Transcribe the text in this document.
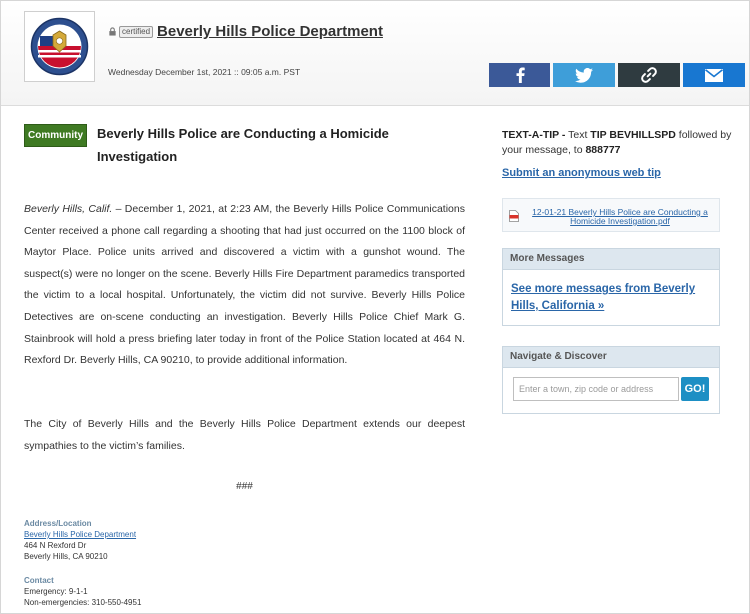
certified Beverly Hills Police Department
Wednesday December 1st, 2021 :: 09:05 a.m. PST
Community	Beverly Hills Police are Conducting a Homicide Investigation

Beverly Hills, Calif. – December 1, 2021, at 2:23 AM, the Beverly Hills Police Communications Center received a phone call regarding a shooting that had just occurred on the 1100 block of Maytor Place. Police units arrived and discovered a victim with a gunshot wound. The suspect(s) were no longer on the scene. Beverly Hills Fire Department paramedics transported the victim to a local hospital. Unfortunately, the victim did not survive. Beverly Hills Police Detectives are on-scene conducting an investigation. Beverly Hills Police Chief Mark G. Stainbrook will hold a press briefing later today in front of the Police Station located at 464 N. Rexford Dr. Beverly Hills, CA 90210, to provide additional information.

The City of Beverly Hills and the Beverly Hills Police Department extends our deepest sympathies to the victim’s families.

###
Address/Location
Beverly Hills Police Department
464 N Rexford Dr
Beverly Hills, CA 90210
Contact
Emergency: 9-1-1
Non-emergencies: 310-550-4951
TEXT-A-TIP - Text TIP BEVHILLSPD followed by your message, to 888777
Submit an anonymous web tip
12-01-21 Beverly Hills Police are Conducting a Homicide Investigation.pdf
More Messages
See more messages from Beverly Hills, California »
Navigate & Discover
Enter a town, zip code or address
GO!
